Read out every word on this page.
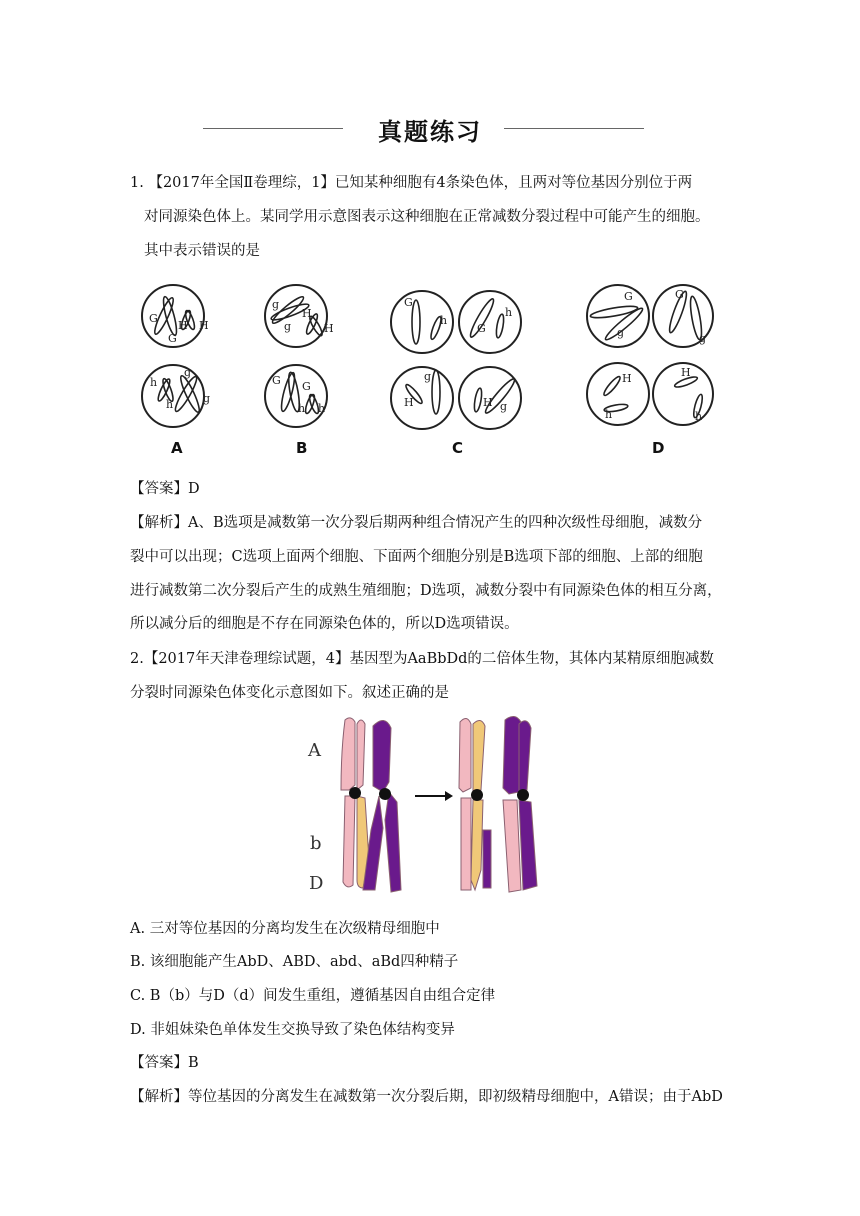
真题练习
1. 【2017年全国Ⅱ卷理综，1】已知某种细胞有4条染色体，且两对等位基因分别位于两
对同源染色体上。某同学用示意图表示这种细胞在正常减数分裂过程中可能产生的细胞。
其中表示错误的是
G
G
H H
h
h
g
g
g
g
H
H
G G
h h
G
h
G
h
H
g
H g
G
g
G
g
H
h
H
h
A	B	C	D
【答案】D
【解析】A、B选项是减数第一次分裂后期两种组合情况产生的四种次级性母细胞，减数分
裂中可以出现；C选项上面两个细胞、下面两个细胞分别是B选项下部的细胞、上部的细胞
进行减数第二次分裂后产生的成熟生殖细胞；D选项，减数分裂中有同源染色体的相互分离，
所以减分后的细胞是不存在同源染色体的，所以D选项错误。
2.【2017年天津卷理综试题，4】基因型为AaBbDd的二倍体生物，其体内某精原细胞减数
分裂时同源染色体变化示意图如下。叙述正确的是
A
b
D
A. 三对等位基因的分离均发生在次级精母细胞中
B. 该细胞能产生AbD、ABD、abd、aBd四种精子
C. B（b）与D（d）间发生重组，遵循基因自由组合定律
D. 非姐妹染色单体发生交换导致了染色体结构变异
【答案】B
【解析】等位基因的分离发生在减数第一次分裂后期，即初级精母细胞中，A错误；由于AbD
